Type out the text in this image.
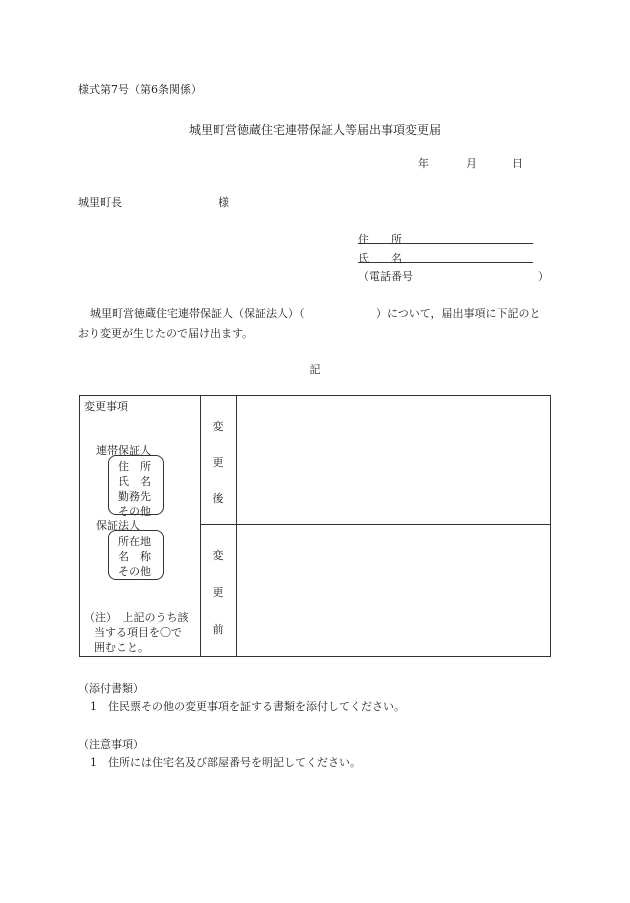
様式第7号（第6条関係）
城里町営徳蔵住宅連帯保証人等届出事項変更届
年	月	日
城里町長	様
住　　所
氏　　名
（電話番号	）
城里町営徳蔵住宅連帯保証人（保証法人）（	）について，届出事項に下記のと
おり変更が生じたので届け出ます。
記
変更事項
連帯保証人
住　所
氏　名
勤務先
その他
保証法人
所在地
名　称
その他
（注）　上記のうち該
当する項目を〇で
囲むこと。
変
更
後
変
更
前
（添付書類）
1　住民票その他の変更事項を証する書類を添付してください。
（注意事項）
1　住所には住宅名及び部屋番号を明記してください。
